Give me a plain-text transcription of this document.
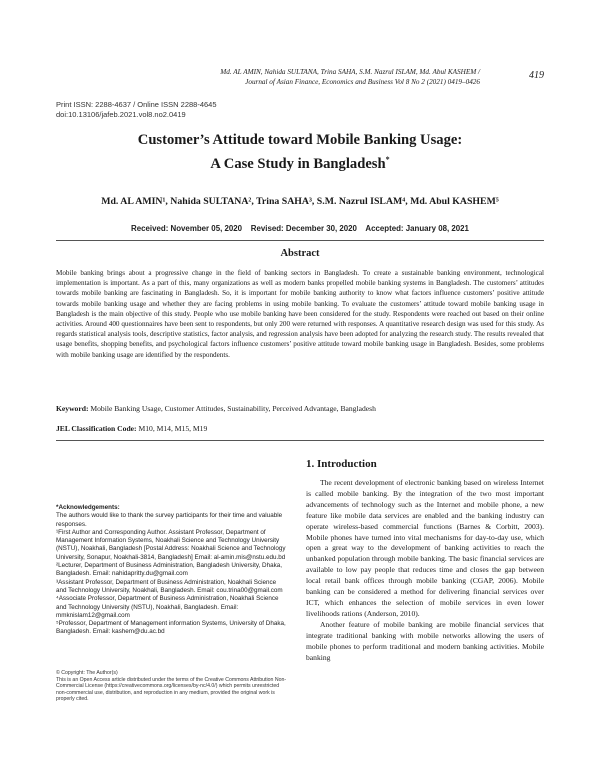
Md. AL AMIN, Nahida SULTANA, Trina SAHA, S.M. Nazrul ISLAM, Md. Abul KASHEM /
Journal of Asian Finance, Economics and Business Vol 8 No 2 (2021) 0419–0426
419
Print ISSN: 2288-4637 / Online ISSN 2288-4645
doi:10.13106/jafeb.2021.vol8.no2.0419
Customer’s Attitude toward Mobile Banking Usage:
A Case Study in Bangladesh*
Md. AL AMIN¹, Nahida SULTANA², Trina SAHA³, S.M. Nazrul ISLAM⁴, Md. Abul KASHEM⁵
Received: November 05, 2020    Revised: December 30, 2020    Accepted: January 08, 2021
Abstract
Mobile banking brings about a progressive change in the field of banking sectors in Bangladesh. To create a sustainable banking environment, technological implementation is important. As a part of this, many organizations as well as modern banks propelled mobile banking systems in Bangladesh. The customers’ attitudes towards mobile banking are fascinating in Bangladesh. So, it is important for mobile banking authority to know what factors influence customers’ positive attitude towards mobile banking usage and whether they are facing problems in using mobile banking. To evaluate the customers’ attitude toward mobile banking usage in Bangladesh is the main objective of this study. People who use mobile banking have been considered for the study. Respondents were reached out based on their online activities. Around 400 questionnaires have been sent to respondents, but only 200 were returned with responses. A quantitative research design was used for this study. As regards statistical analysis tools, descriptive statistics, factor analysis, and regression analysis have been adopted for analyzing the research study. The results revealed that usage benefits, shopping benefits, and psychological factors influence customers’ positive attitude toward mobile banking usage in Bangladesh. Besides, some problems with mobile banking usage are identified by the respondents.
Keyword: Mobile Banking Usage, Customer Attitudes, Sustainability, Perceived Advantage, Bangladesh
JEL Classification Code: M10, M14, M15, M19
1. Introduction

The recent development of electronic banking based on wireless Internet is called mobile banking. By the integration of the two most important advancements of technology such as the Internet and mobile phone, a new feature like mobile data services are enabled and the banking industry can operate wireless-based commercial functions (Barnes & Corbitt, 2003). Mobile phones have turned into vital mechanisms for day-to-day use, which open a great way to the development of banking activities to reach the unbanked population through mobile banking. The basic financial services are available to low pay people that reduces time and closes the gap between local retail bank offices through mobile banking (CGAP, 2006). Mobile banking can be considered a method for delivering financial services over ICT, which enhances the selection of mobile services in even lower livelihoods rations (Anderson, 2010).

Another feature of mobile banking are mobile financial services that integrate traditional banking with mobile networks allowing the users of mobile phones to perform traditional and modern banking activities. Mobile banking

*Acknowledgements:

The authors would like to thank the survey participants for their time and valuable responses.

¹First Author and Corresponding Author. Assistant Professor, Department of Management Information Systems, Noakhali Science and Technology University (NSTU), Noakhali, Bangladesh [Postal Address: Noakhali Science and Technology University, Sonapur, Noakhali-3814, Bangladesh] Email: al-amin.mis@nstu.edu.bd

²Lecturer, Department of Business Administration, Bangladesh University, Dhaka, Bangladesh. Email: nahidapritty.du@gmail.com

³Assistant Professor, Department of Business Administration, Noakhali Science and Technology University, Noakhali, Bangladesh. Email: cou.trina00@gmail.com

⁴Associate Professor, Department of Business Administration, Noakhali Science and Technology University (NSTU), Noakhali, Bangladesh. Email: mmknislam12@gmail.com

⁵Professor, Department of Management information Systems, University of Dhaka, Bangladesh. Email: kashem@du.ac.bd

© Copyright: The Author(s)

This is an Open Access article distributed under the terms of the Creative Commons Attribution Non-Commercial License (https://creativecommons.org/licenses/by-nc/4.0/) which permits unrestricted non-commercial use, distribution, and reproduction in any medium, provided the original work is properly cited.
